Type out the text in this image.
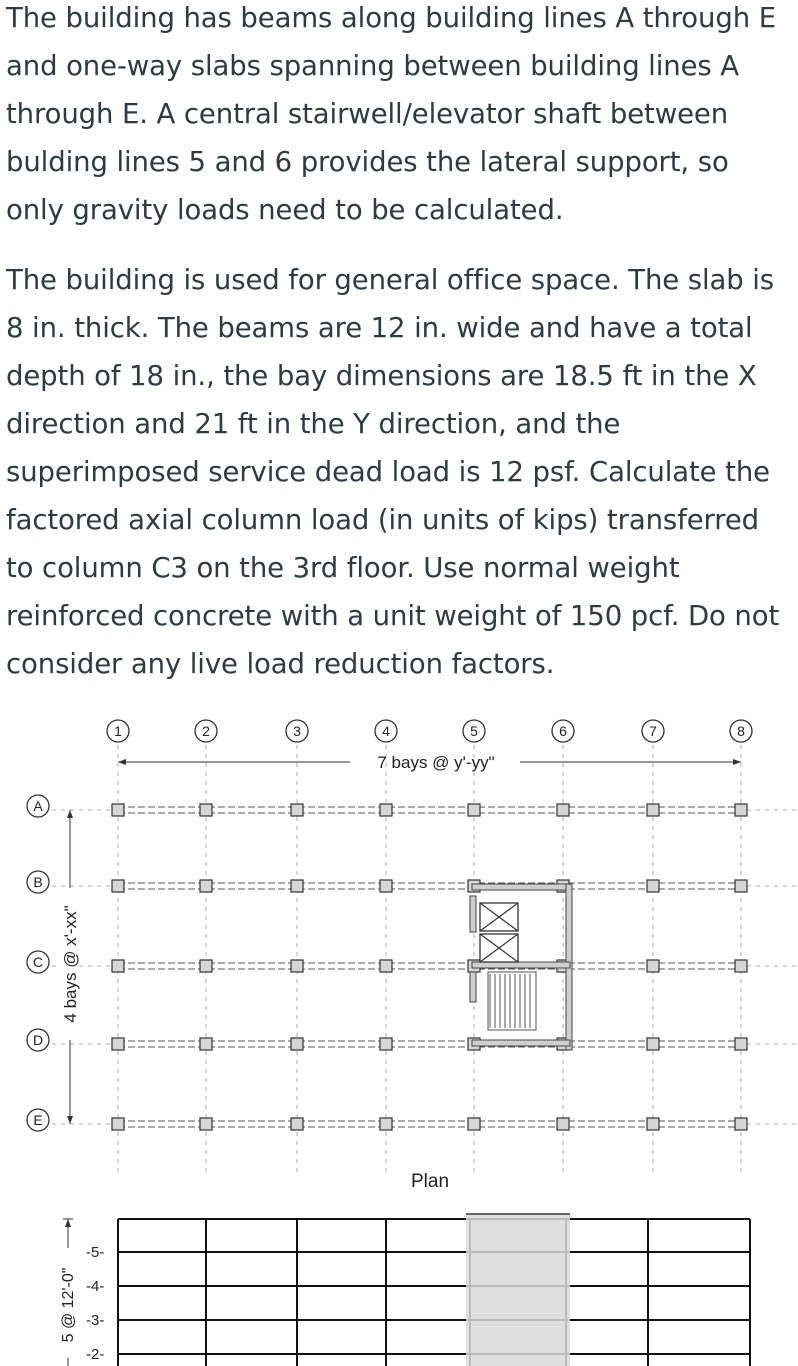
The building has beams along building lines A through E and one-way slabs spanning between building lines A through E. A central stairwell/elevator shaft between bulding lines 5 and 6 provides the lateral support, so only gravity loads need to be calculated.

The building is used for general office space. The slab is 8 in. thick. The beams are 12 in. wide and have a total depth of 18 in., the bay dimensions are 18.5 ft in the X direction and 21 ft in the Y direction, and the superimposed service dead load is 12 psf. Calculate the factored axial column load (in units of kips) transferred to column C3 on the 3rd floor. Use normal weight reinforced concrete with a unit weight of 150 pcf. Do not consider any live load reduction factors.

1	2	3	4	5	6	7	8
7 bays @ y'-yy"
A
B
C
D
E
4 bays @ x'-xx"
Plan
5 @ 12'-0"
-5-
-4-
-3-
-2-
